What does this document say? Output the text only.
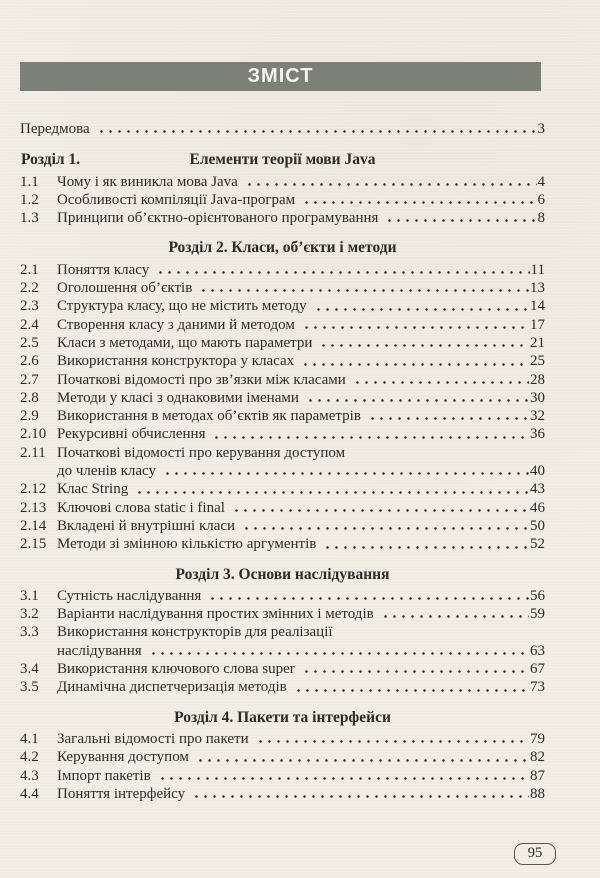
ЗМІСТ
Передмова	3
Розділ 1.	Елементи теорії мови Java
1.1	Чому і як виникла мова Java	4
1.2	Особливості компіляції Java-програм	6
1.3	Принципи об’єктно-орієнтованого програмування	8
Розділ 2. Класи, об’єкти і методи
2.1	Поняття класу	11
2.2	Оголошення об’єктів	13
2.3	Структура класу, що не містить методу	14
2.4	Створення класу з даними й методом	17
2.5	Класи з методами, що мають параметри	21
2.6	Використання конструктора у класах	25
2.7	Початкові відомості про зв’язки між класами	28
2.8	Методи у класі з однаковими іменами	30
2.9	Використання в методах об’єктів як параметрів	32
2.10 Рекурсивні обчислення	36
2.11 Початкові відомості про керування доступом
до членів класу	40
2.12 Клас String	43
2.13 Ключові слова static і final	46
2.14 Вкладені й внутрішні класи	50
2.15 Методи зі змінною кількістю аргументів	52
Розділ 3. Основи наслідування
3.1	Сутність наслідування	56
3.2	Варіанти наслідування простих змінних і методів	59
3.3	Використання конструкторів для реалізації
наслідування	63
3.4	Використання ключового слова super	67
3.5	Динамічна диспетчеризація методів	73
Розділ 4. Пакети та інтерфейси
4.1	Загальні відомості про пакети	79
4.2	Керування доступом	82
4.3	Імпорт пакетів	87
4.4	Поняття інтерфейсу	88
95
